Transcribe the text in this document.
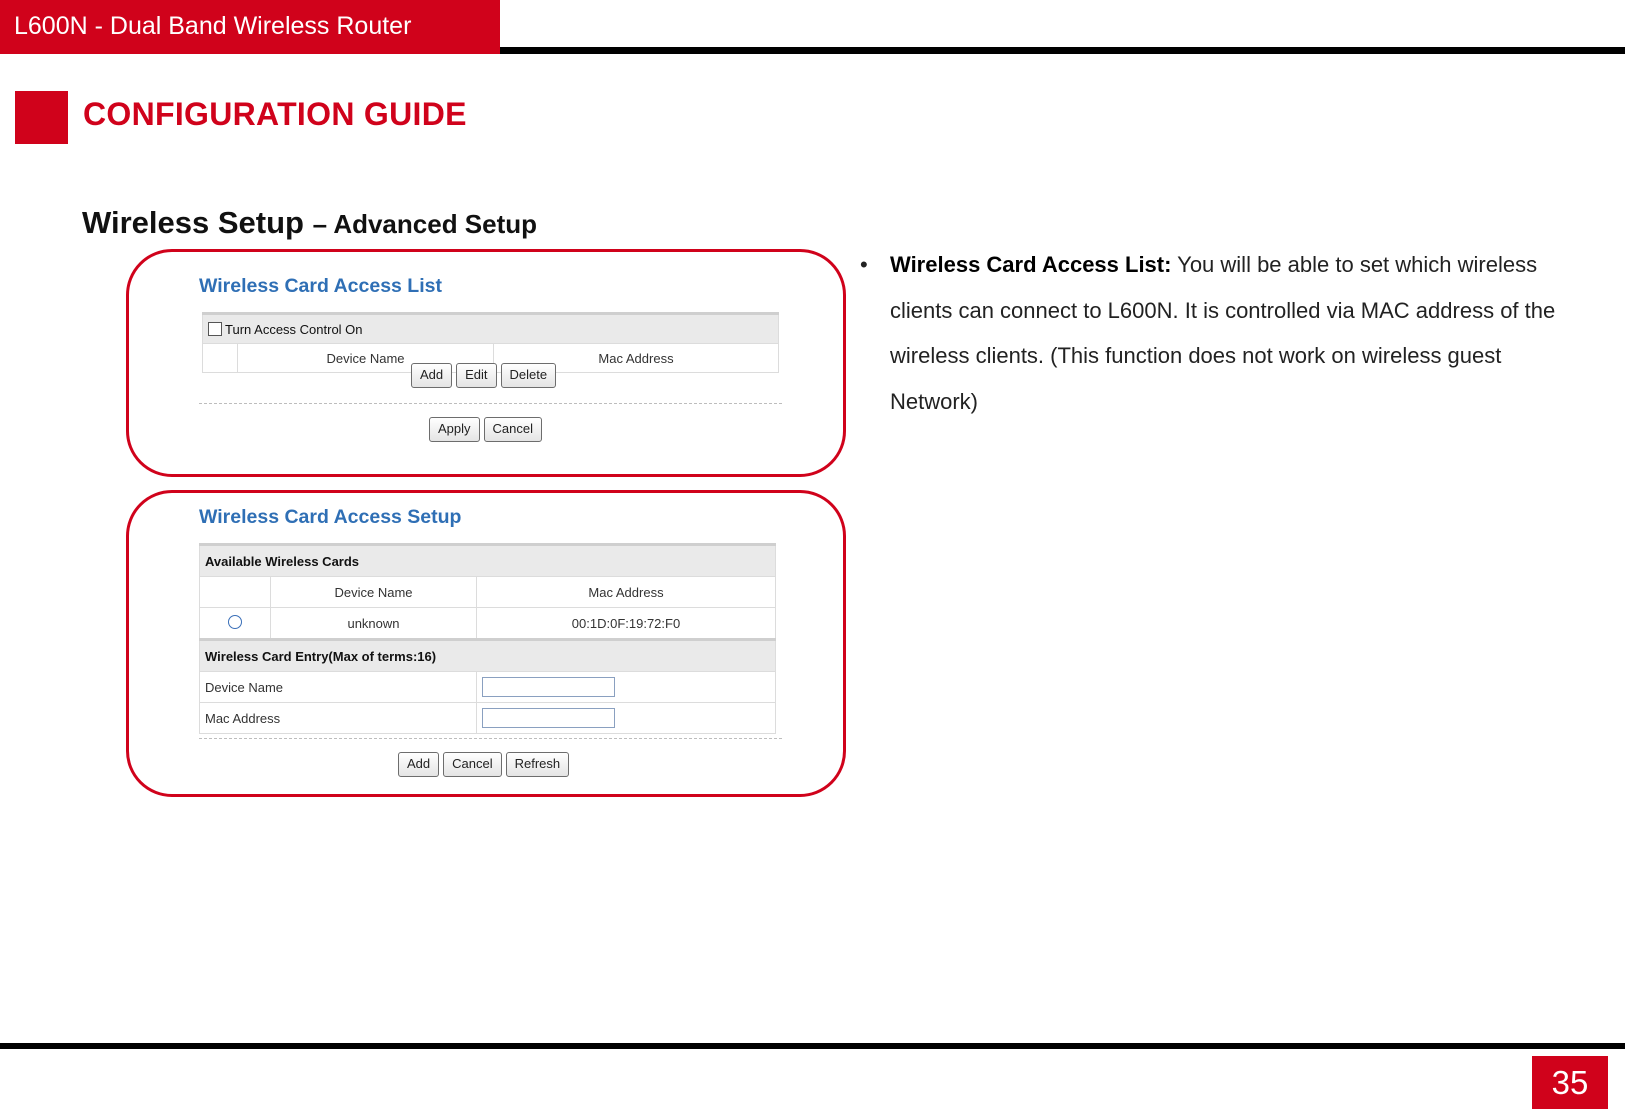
L600N - Dual Band Wireless Router
CONFIGURATION GUIDE
Wireless Setup – Advanced Setup
Wireless Card Access List
Turn Access Control On
	Device Name	Mac Address
Add Edit Delete
Apply Cancel
Wireless Card Access Setup
Available Wireless Cards		
	Device Name	Mac Address
	unknown	00:1D:0F:19:72:F0
Wireless Card Entry(Max of terms:16)		
Device Name		

Mac Address		
Add Cancel Refresh
• Wireless Card Access List: You will be able to set which wireless clients can connect to L600N. It is controlled via MAC address of the wireless clients. (This function does not work on wireless guest Network)
35
